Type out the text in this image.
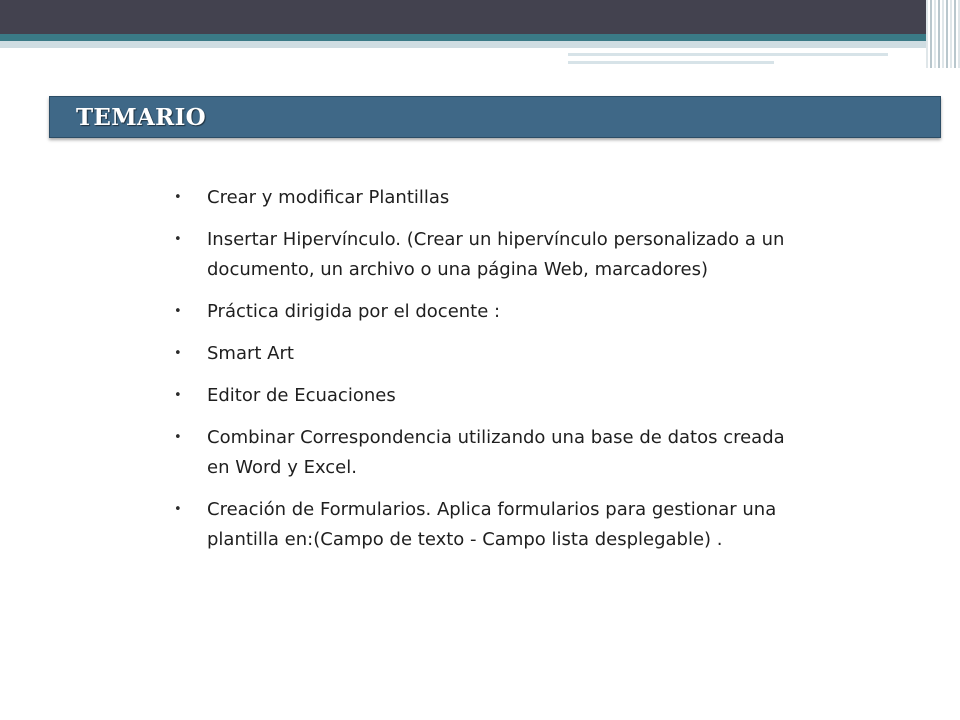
TEMARIO
• Crear y modificar Plantillas
• Insertar Hipervínculo. (Crear un hipervínculo personalizado a un documento, un archivo o una página Web, marcadores)
• Práctica dirigida por el docente :
• Smart Art
• Editor de Ecuaciones
• Combinar Correspondencia utilizando una base de datos creada en Word y Excel.
• Creación de Formularios. Aplica formularios para gestionar una plantilla en:(Campo de texto - Campo lista desplegable) .
